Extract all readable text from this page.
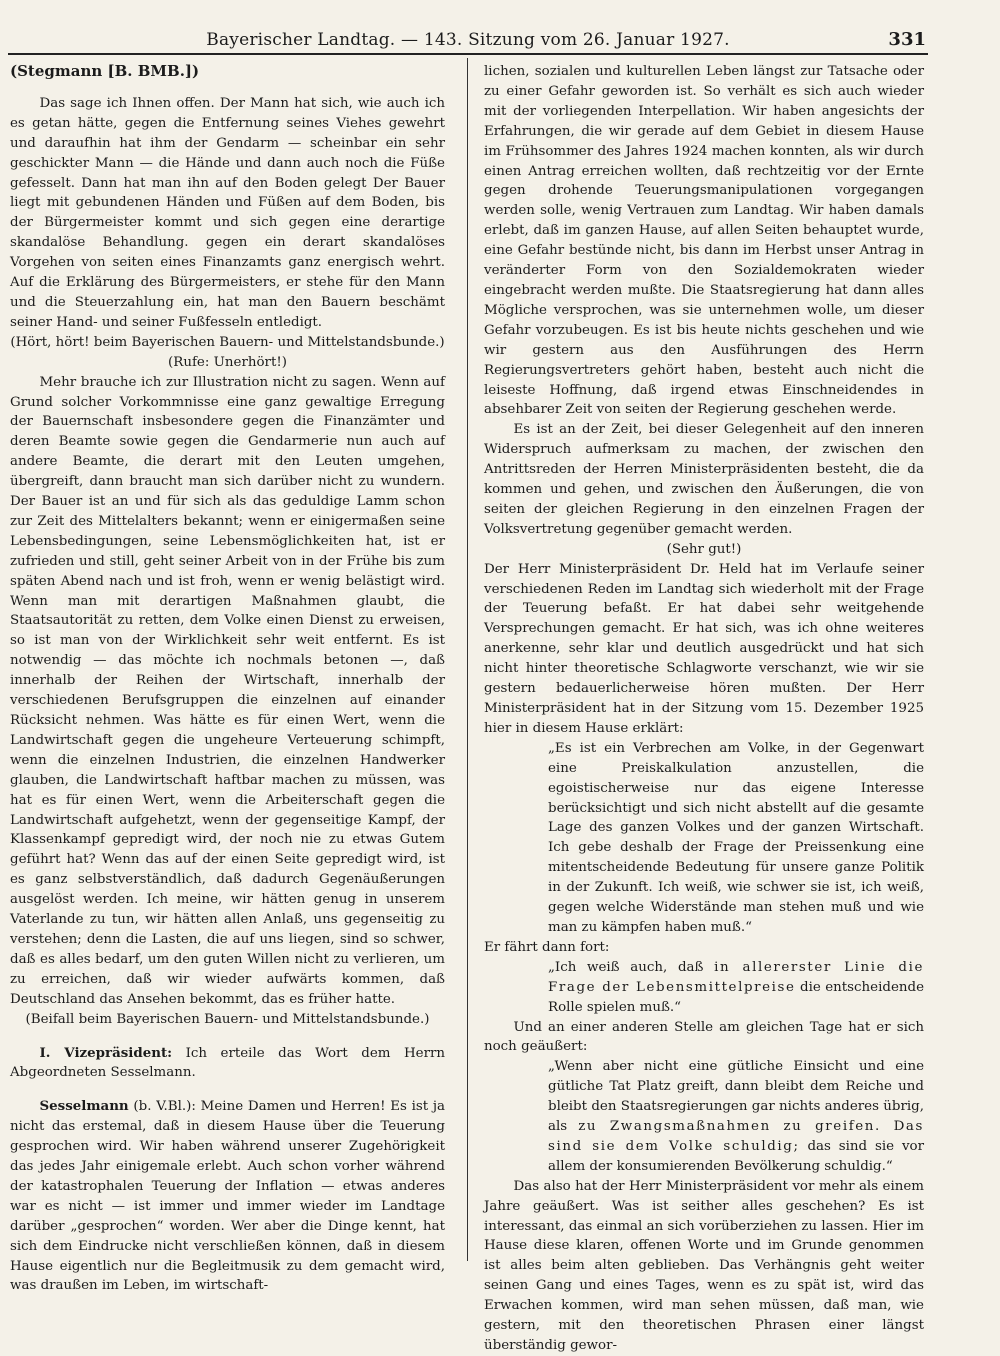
Bayerischer Landtag. — 143. Sitzung vom 26. Januar 1927.	331

(Stegmann [B. BMB.])

Das sage ich Ihnen offen. Der Mann hat sich, wie auch ich es getan hätte, gegen die Entfernung seines Viehes gewehrt und daraufhin hat ihm der Gendarm — scheinbar ein sehr geschickter Mann — die Hände und dann auch noch die Füße gefesselt. Dann hat man ihn auf den Boden gelegt Der Bauer liegt mit gebundenen Händen und Füßen auf dem Boden, bis der Bürgermeister kommt und sich gegen eine derartige skandalöse Behandlung. gegen ein derart skandalöses Vorgehen von seiten eines Finanzamts ganz energisch wehrt. Auf die Erklärung des Bürgermeisters, er stehe für den Mann und die Steuerzahlung ein, hat man den Bauern beschämt seiner Hand- und seiner Fußfesseln entledigt.

(Hört, hört! beim Bayerischen Bauern- und Mittelstandsbunde.)

(Rufe: Unerhört!)

Mehr brauche ich zur Illustration nicht zu sagen. Wenn auf Grund solcher Vorkommnisse eine ganz gewaltige Erregung der Bauernschaft insbesondere gegen die Finanzämter und deren Beamte sowie gegen die Gendarmerie nun auch auf andere Beamte, die derart mit den Leuten umgehen, übergreift, dann braucht man sich darüber nicht zu wundern. Der Bauer ist an und für sich als das geduldige Lamm schon zur Zeit des Mittelalters bekannt; wenn er einigermaßen seine Lebensbedingungen, seine Lebensmöglichkeiten hat, ist er zufrieden und still, geht seiner Arbeit von in der Frühe bis zum späten Abend nach und ist froh, wenn er wenig belästigt wird. Wenn man mit derartigen Maßnahmen glaubt, die Staatsautorität zu retten, dem Volke einen Dienst zu erweisen, so ist man von der Wirklichkeit sehr weit entfernt. Es ist notwendig — das möchte ich nochmals betonen —, daß innerhalb der Reihen der Wirtschaft, innerhalb der verschiedenen Berufsgruppen die einzelnen auf einander Rücksicht nehmen. Was hätte es für einen Wert, wenn die Landwirtschaft gegen die ungeheure Verteuerung schimpft, wenn die einzelnen Industrien, die einzelnen Handwerker glauben, die Landwirtschaft haftbar machen zu müssen, was hat es für einen Wert, wenn die Arbeiterschaft gegen die Landwirtschaft aufgehetzt, wenn der gegenseitige Kampf, der Klassenkampf gepredigt wird, der noch nie zu etwas Gutem geführt hat? Wenn das auf der einen Seite gepredigt wird, ist es ganz selbstverständlich, daß dadurch Gegenäußerungen ausgelöst werden. Ich meine, wir hätten genug in unserem Vaterlande zu tun, wir hätten allen Anlaß, uns gegenseitig zu verstehen; denn die Lasten, die auf uns liegen, sind so schwer, daß es alles bedarf, um den guten Willen nicht zu verlieren, um zu erreichen, daß wir wieder aufwärts kommen, daß Deutschland das Ansehen bekommt, das es früher hatte.

(Beifall beim Bayerischen Bauern- und Mittelstandsbunde.)

I. Vizepräsident: Ich erteile das Wort dem Herrn Abgeordneten Sesselmann.

Sesselmann (b. V.Bl.): Meine Damen und Herren! Es ist ja nicht das erstemal, daß in diesem Hause über die Teuerung gesprochen wird. Wir haben während unserer Zugehörigkeit das jedes Jahr einigemale erlebt. Auch schon vorher während der katastrophalen Teuerung der Inflation — etwas anderes war es nicht — ist immer und immer wieder im Landtage darüber „gesprochen“ worden. Wer aber die Dinge kennt, hat sich dem Eindrucke nicht verschließen können, daß in diesem Hause eigentlich nur die Begleitmusik zu dem gemacht wird, was draußen im Leben, im wirtschaft-

lichen, sozialen und kulturellen Leben längst zur Tatsache oder zu einer Gefahr geworden ist. So verhält es sich auch wieder mit der vorliegenden Interpellation. Wir haben angesichts der Erfahrungen, die wir gerade auf dem Gebiet in diesem Hause im Frühsommer des Jahres 1924 machen konnten, als wir durch einen Antrag erreichen wollten, daß rechtzeitig vor der Ernte gegen drohende Teuerungsmanipulationen vorgegangen werden solle, wenig Vertrauen zum Landtag. Wir haben damals erlebt, daß im ganzen Hause, auf allen Seiten behauptet wurde, eine Gefahr bestünde nicht, bis dann im Herbst unser Antrag in veränderter Form von den Sozialdemokraten wieder eingebracht werden mußte. Die Staatsregierung hat dann alles Mögliche versprochen, was sie unternehmen wolle, um dieser Gefahr vorzubeugen. Es ist bis heute nichts geschehen und wie wir gestern aus den Ausführungen des Herrn Regierungsvertreters gehört haben, besteht auch nicht die leiseste Hoffnung, daß irgend etwas Einschneidendes in absehbarer Zeit von seiten der Regierung geschehen werde.

Es ist an der Zeit, bei dieser Gelegenheit auf den inneren Widerspruch aufmerksam zu machen, der zwischen den Antrittsreden der Herren Ministerpräsidenten besteht, die da kommen und gehen, und zwischen den Äußerungen, die von seiten der gleichen Regierung in den einzelnen Fragen der Volksvertretung gegenüber gemacht werden.

(Sehr gut!)

Der Herr Ministerpräsident Dr. Held hat im Verlaufe seiner verschiedenen Reden im Landtag sich wiederholt mit der Frage der Teuerung befaßt. Er hat dabei sehr weitgehende Versprechungen gemacht. Er hat sich, was ich ohne weiteres anerkenne, sehr klar und deutlich ausgedrückt und hat sich nicht hinter theoretische Schlagworte verschanzt, wie wir sie gestern bedauerlicherweise hören mußten. Der Herr Ministerpräsident hat in der Sitzung vom 15. Dezember 1925 hier in diesem Hause erklärt:

„Es ist ein Verbrechen am Volke, in der Gegenwart eine Preiskalkulation anzustellen, die egoistischerweise nur das eigene Interesse berücksichtigt und sich nicht abstellt auf die gesamte Lage des ganzen Volkes und der ganzen Wirtschaft. Ich gebe deshalb der Frage der Preissenkung eine mitentscheidende Bedeutung für unsere ganze Politik in der Zukunft. Ich weiß, wie schwer sie ist, ich weiß, gegen welche Widerstände man stehen muß und wie man zu kämpfen haben muß.“

Er fährt dann fort:

„Ich weiß auch, daß in allererster Linie die Frage der Lebensmittelpreise die entscheidende Rolle spielen muß.“

Und an einer anderen Stelle am gleichen Tage hat er sich noch geäußert:

„Wenn aber nicht eine gütliche Einsicht und eine gütliche Tat Platz greift, dann bleibt dem Reiche und bleibt den Staatsregierungen gar nichts anderes übrig, als zu Zwangsmaßnahmen zu greifen. Das sind sie dem Volke schuldig; das sind sie vor allem der konsumierenden Bevölkerung schuldig.“

Das also hat der Herr Ministerpräsident vor mehr als einem Jahre geäußert. Was ist seither alles geschehen? Es ist interessant, das einmal an sich vorüberziehen zu lassen. Hier im Hause diese klaren, offenen Worte und im Grunde genommen ist alles beim alten geblieben. Das Verhängnis geht weiter seinen Gang und eines Tages, wenn es zu spät ist, wird das Erwachen kommen, wird man sehen müssen, daß man, wie gestern, mit den theoretischen Phrasen einer längst überständig gewor-
